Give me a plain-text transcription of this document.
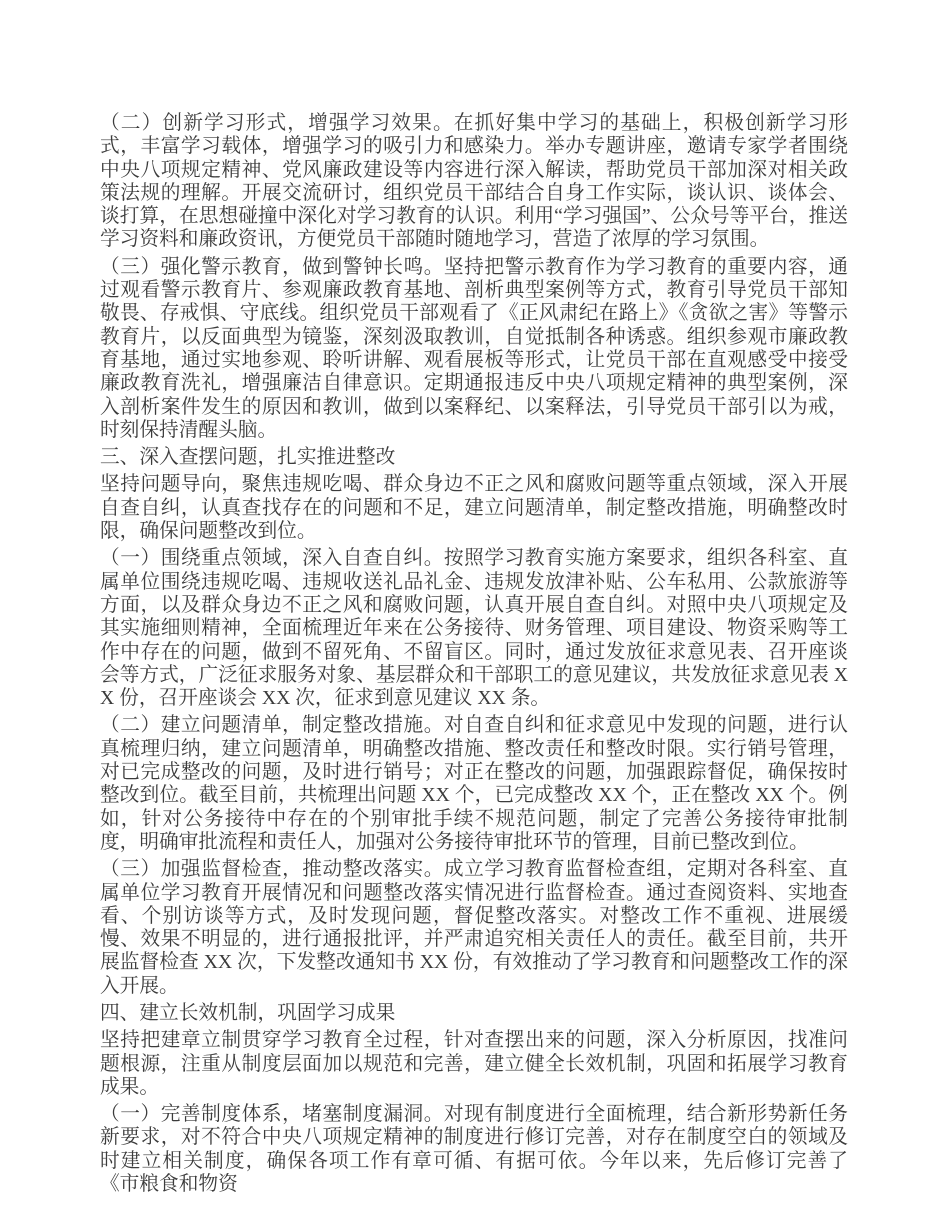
（二）创新学习形式，增强学习效果。在抓好集中学习的基础上，积极创新学习形式，丰富学习载体，增强学习的吸引力和感染力。举办专题讲座，邀请专家学者围绕中央八项规定精神、党风廉政建设等内容进行深入解读，帮助党员干部加深对相关政策法规的理解。开展交流研讨，组织党员干部结合自身工作实际，谈认识、谈体会、谈打算，在思想碰撞中深化对学习教育的认识。利用“学习强国”、公众号等平台，推送学习资料和廉政资讯，方便党员干部随时随地学习，营造了浓厚的学习氛围。

（三）强化警示教育，做到警钟长鸣。坚持把警示教育作为学习教育的重要内容，通过观看警示教育片、参观廉政教育基地、剖析典型案例等方式，教育引导党员干部知敬畏、存戒惧、守底线。组织党员干部观看了《正风肃纪在路上》《贪欲之害》等警示教育片，以反面典型为镜鉴，深刻汲取教训，自觉抵制各种诱惑。组织参观市廉政教育基地，通过实地参观、聆听讲解、观看展板等形式，让党员干部在直观感受中接受廉政教育洗礼，增强廉洁自律意识。定期通报违反中央八项规定精神的典型案例，深入剖析案件发生的原因和教训，做到以案释纪、以案释法，引导党员干部引以为戒，时刻保持清醒头脑。

三、深入查摆问题，扎实推进整改

坚持问题导向，聚焦违规吃喝、群众身边不正之风和腐败问题等重点领域，深入开展自查自纠，认真查找存在的问题和不足，建立问题清单，制定整改措施，明确整改时限，确保问题整改到位。

（一）围绕重点领域，深入自查自纠。按照学习教育实施方案要求，组织各科室、直属单位围绕违规吃喝、违规收送礼品礼金、违规发放津补贴、公车私用、公款旅游等方面，以及群众身边不正之风和腐败问题，认真开展自查自纠。对照中央八项规定及其实施细则精神，全面梳理近年来在公务接待、财务管理、项目建设、物资采购等工作中存在的问题，做到不留死角、不留盲区。同时，通过发放征求意见表、召开座谈会等方式，广泛征求服务对象、基层群众和干部职工的意见建议，共发放征求意见表 XX 份，召开座谈会 XX 次，征求到意见建议 XX 条。

（二）建立问题清单，制定整改措施。对自查自纠和征求意见中发现的问题，进行认真梳理归纳，建立问题清单，明确整改措施、整改责任和整改时限。实行销号管理，对已完成整改的问题，及时进行销号；对正在整改的问题，加强跟踪督促，确保按时整改到位。截至目前，共梳理出问题 XX 个，已完成整改 XX 个，正在整改 XX 个。例如，针对公务接待中存在的个别审批手续不规范问题，制定了完善公务接待审批制度，明确审批流程和责任人，加强对公务接待审批环节的管理，目前已整改到位。

（三）加强监督检查，推动整改落实。成立学习教育监督检查组，定期对各科室、直属单位学习教育开展情况和问题整改落实情况进行监督检查。通过查阅资料、实地查看、个别访谈等方式，及时发现问题，督促整改落实。对整改工作不重视、进展缓慢、效果不明显的，进行通报批评，并严肃追究相关责任人的责任。截至目前，共开展监督检查 XX 次，下发整改通知书 XX 份，有效推动了学习教育和问题整改工作的深入开展。

四、建立长效机制，巩固学习成果

坚持把建章立制贯穿学习教育全过程，针对查摆出来的问题，深入分析原因，找准问题根源，注重从制度层面加以规范和完善，建立健全长效机制，巩固和拓展学习教育成果。

（一）完善制度体系，堵塞制度漏洞。对现有制度进行全面梳理，结合新形势新任务新要求，对不符合中央八项规定精神的制度进行修订完善，对存在制度空白的领域及时建立相关制度，确保各项工作有章可循、有据可依。今年以来，先后修订完善了《市粮食和物资
